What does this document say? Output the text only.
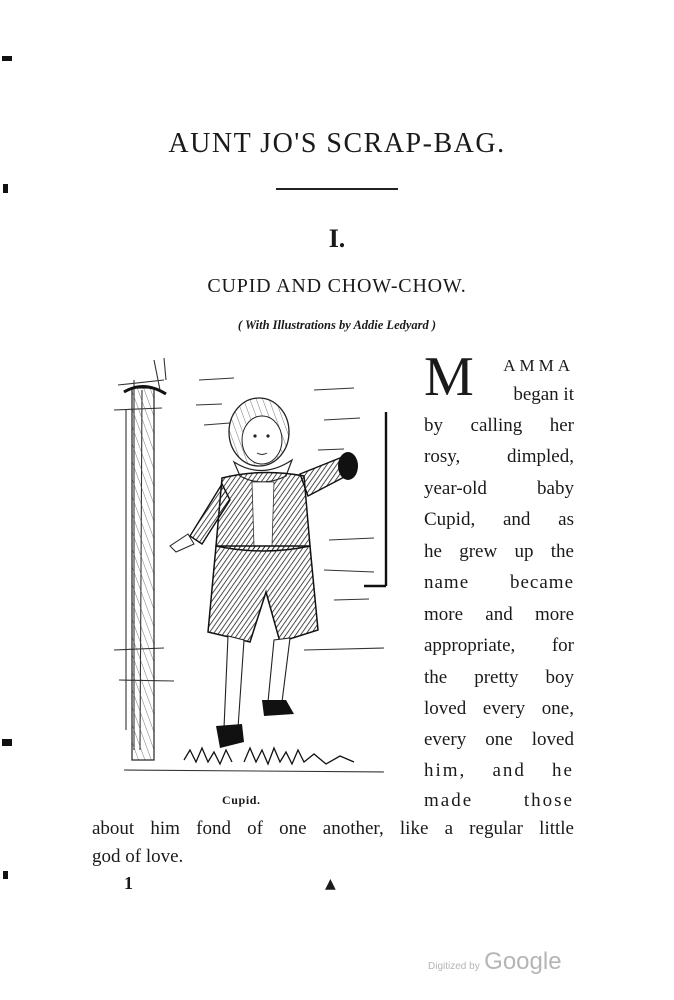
AUNT JO'S SCRAP-BAG.
I.
CUPID AND CHOW-CHOW.
( With Illustrations by Addie Ledyard )
Cupid.
M	AMMA
began it
by calling her
rosy, dimpled,
year-old baby
Cupid, and as
he grew up the
name became
more and more
appropriate, for
the pretty boy
loved every one,
every one loved
him, and he
made those
about him fond of one another, like a regular little
god of love.
1	▲
Digitized by Google
